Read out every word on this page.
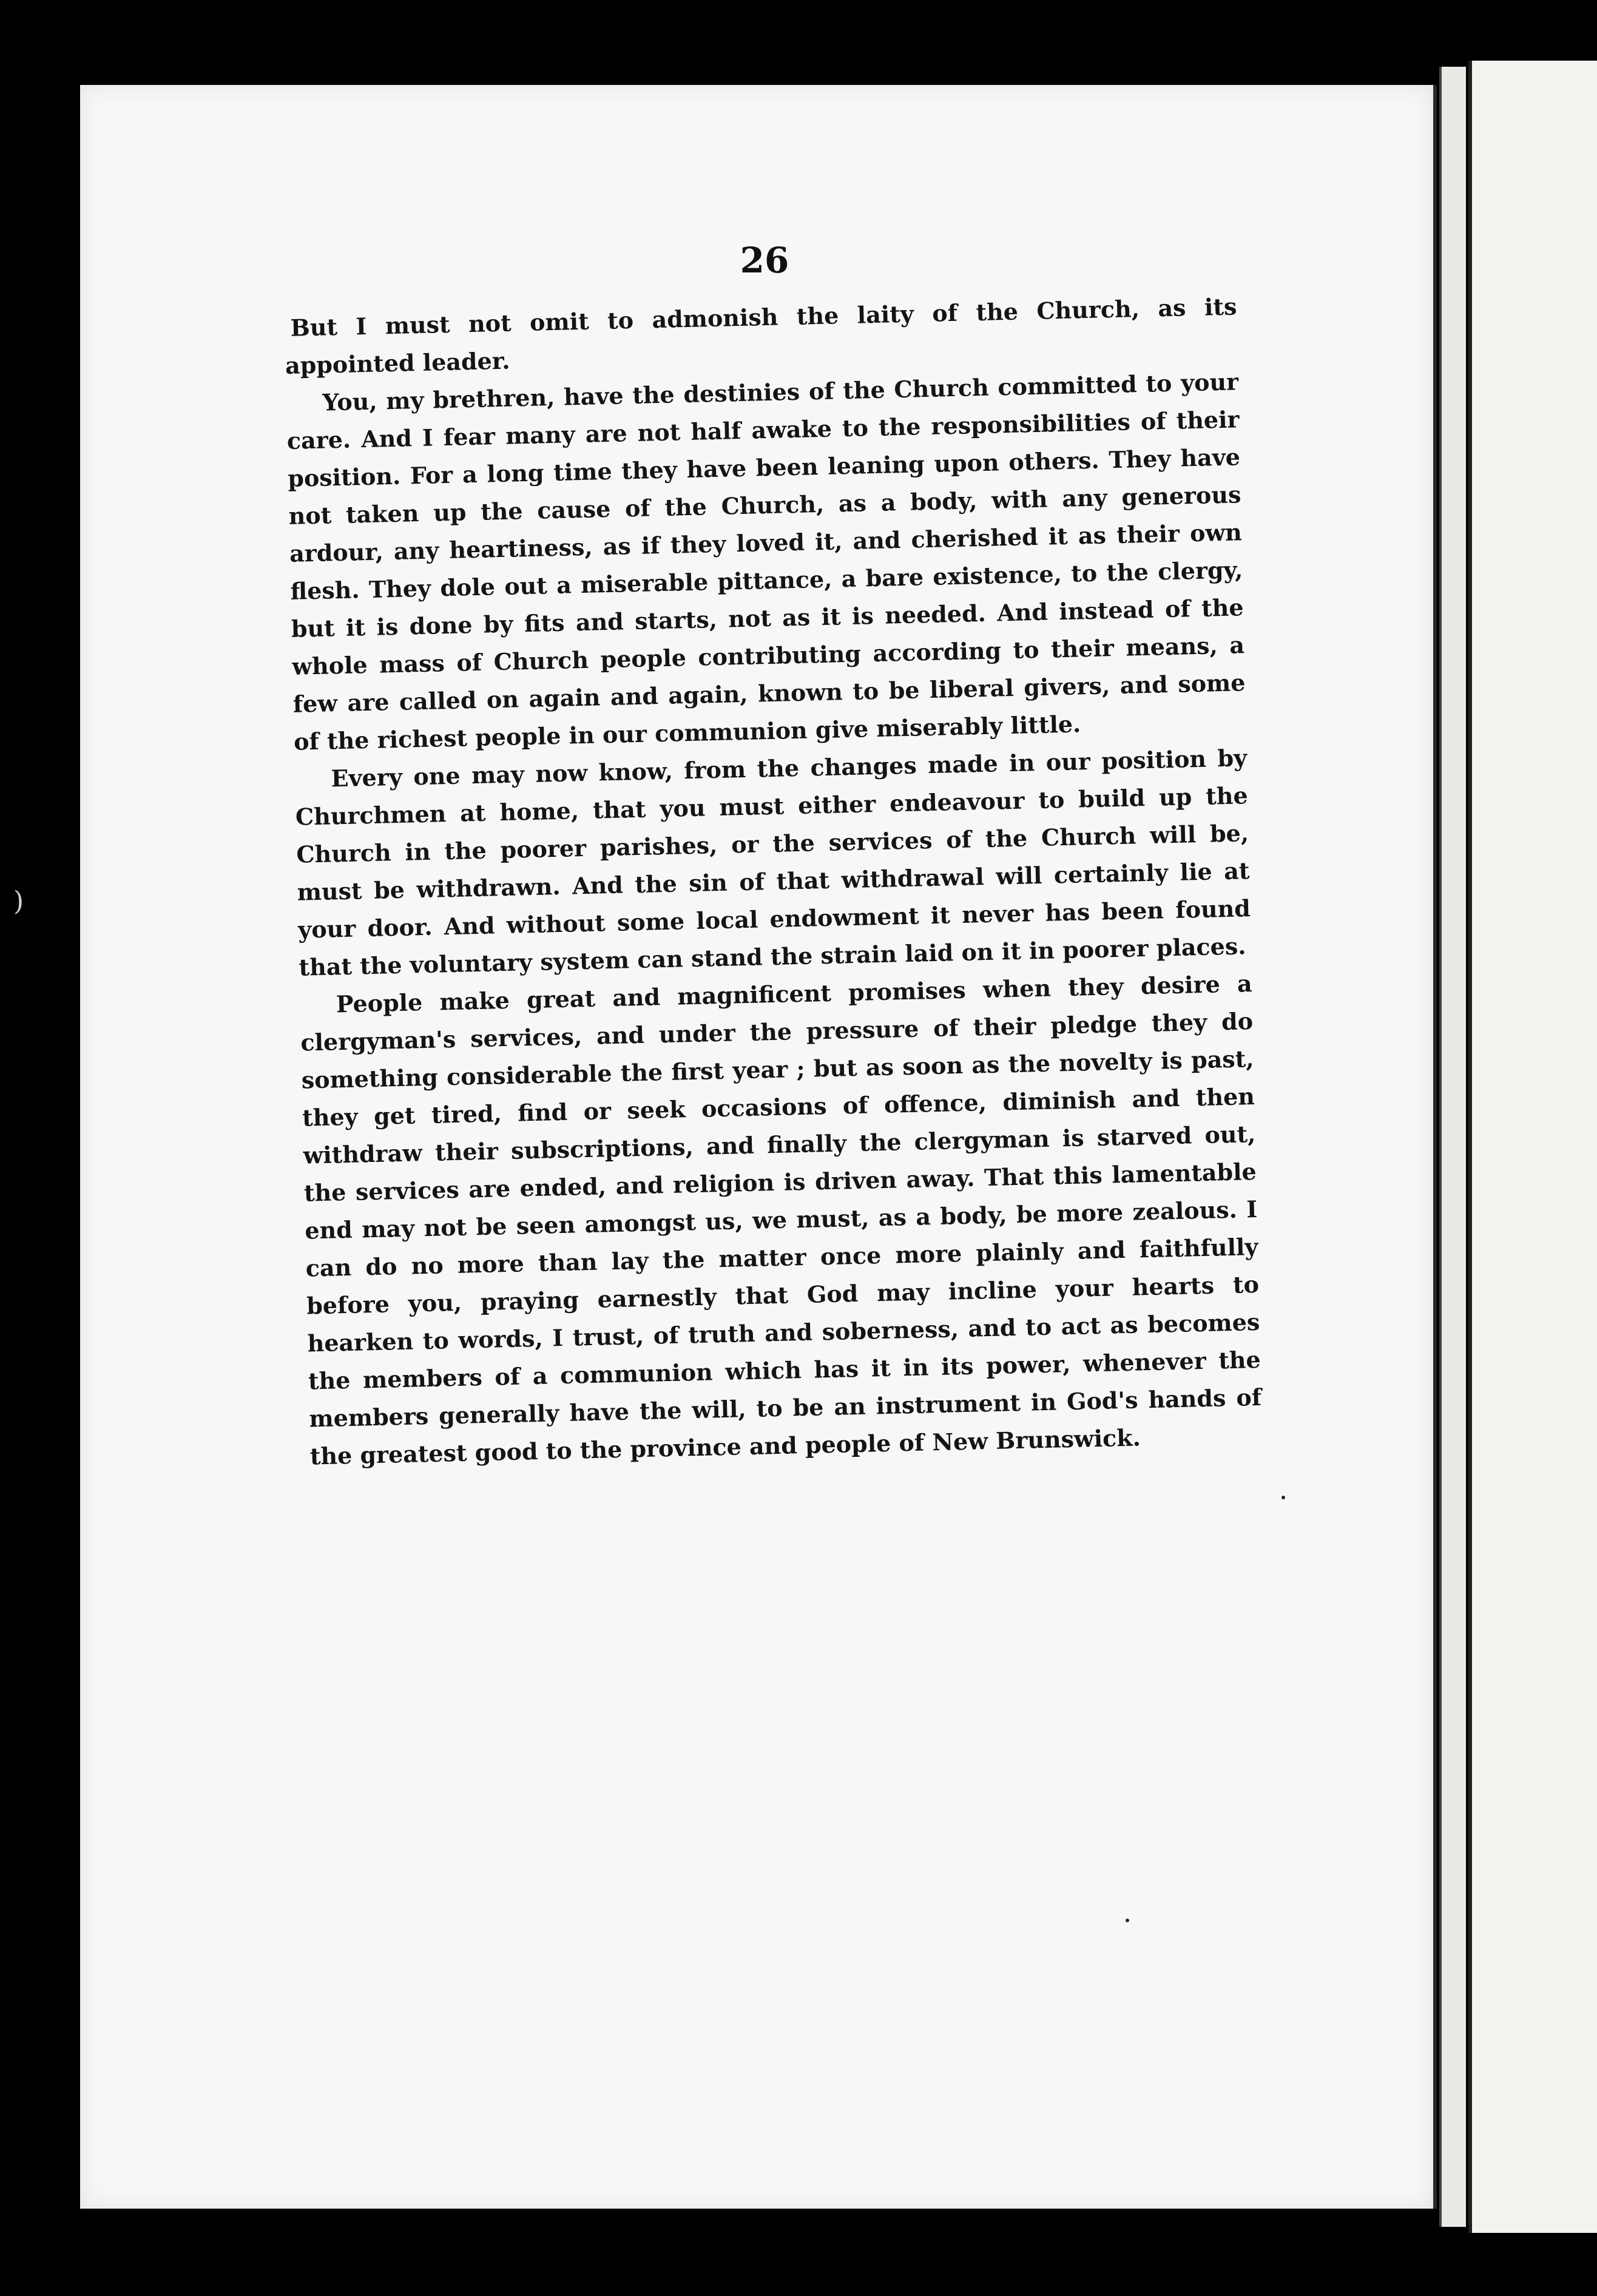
)
26

But I must not omit to admonish the laity of the Church, as its appointed leader.

You, my brethren, have the destinies of the Church committed to your care. And I fear many are not half awake to the responsibilities of their position. For a long time they have been leaning upon others. They have not taken up the cause of the Church, as a body, with any generous ardour, any heartiness, as if they loved it, and cherished it as their own flesh. They dole out a miserable pittance, a bare existence, to the clergy, but it is done by fits and starts, not as it is needed. And instead of the whole mass of Church people contributing according to their means, a few are called on again and again, known to be liberal givers, and some of the richest people in our communion give miserably little.

Every one may now know, from the changes made in our position by Churchmen at home, that you must either endeavour to build up the Church in the poorer parishes, or the services of the Church will be, must be withdrawn. And the sin of that withdrawal will certainly lie at your door. And without some local endowment it never has been found that the voluntary system can stand the strain laid on it in poorer places.

People make great and magnificent promises when they desire a clergyman's services, and under the pressure of their pledge they do something considerable the first year ; but as soon as the novelty is past, they get tired, find or seek occasions of offence, diminish and then withdraw their subscriptions, and finally the clergyman is starved out, the services are ended, and religion is driven away. That this lamentable end may not be seen amongst us, we must, as a body, be more zealous. I can do no more than lay the matter once more plainly and faithfully before you, praying earnestly that God may incline your hearts to hearken to words, I trust, of truth and soberness, and to act as becomes the members of a communion which has it in its power, whenever the members generally have the will, to be an instrument in God's hands of the greatest good to the province and people of New Brunswick.
